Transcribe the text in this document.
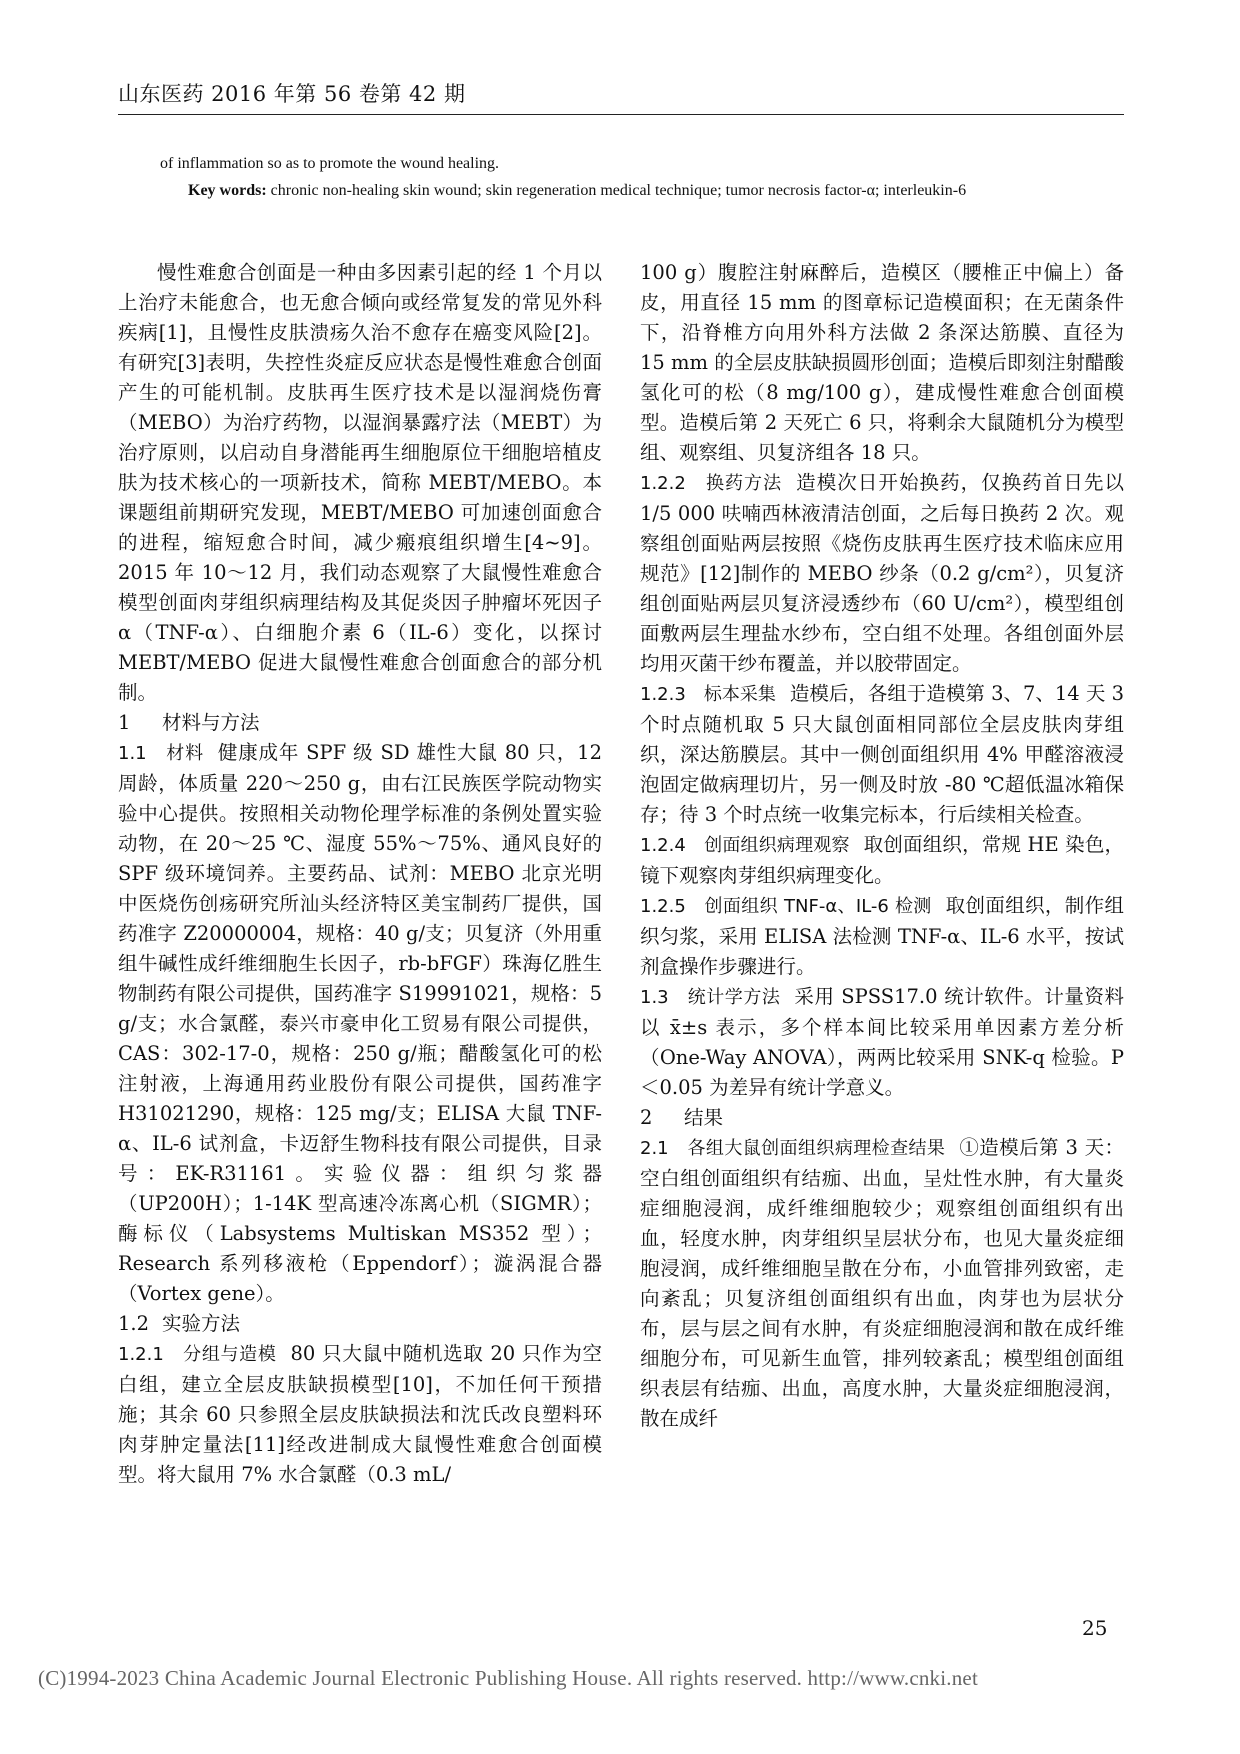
山东医药 2016 年第 56 卷第 42 期
of inflammation so as to promote the wound healing.
Key words: chronic non-healing skin wound; skin regeneration medical technique; tumor necrosis factor-α; interleukin-6

慢性难愈合创面是一种由多因素引起的经 1 个月以上治疗未能愈合，也无愈合倾向或经常复发的常见外科疾病[1]，且慢性皮肤溃疡久治不愈存在癌变风险[2]。有研究[3]表明，失控性炎症反应状态是慢性难愈合创面产生的可能机制。皮肤再生医疗技术是以湿润烧伤膏（MEBO）为治疗药物，以湿润暴露疗法（MEBT）为治疗原则，以启动自身潜能再生细胞原位干细胞培植皮肤为技术核心的一项新技术，简称 MEBT/MEBO。本课题组前期研究发现，MEBT/MEBO 可加速创面愈合的进程，缩短愈合时间，减少瘢痕组织增生[4~9]。2015 年 10～12 月，我们动态观察了大鼠慢性难愈合模型创面肉芽组织病理结构及其促炎因子肿瘤坏死因子 α（TNF-α）、白细胞介素 6（IL-6）变化，以探讨 MEBT/MEBO 促进大鼠慢性难愈合创面愈合的部分机制。

1 材料与方法

1.1　 材料 健康成年 SPF 级 SD 雄性大鼠 80 只，12 周龄，体质量 220～250 g，由右江民族医学院动物实验中心提供。按照相关动物伦理学标准的条例处置实验动物，在 20～25 ℃、湿度 55%～75%、通风良好的 SPF 级环境饲养。主要药品、试剂：MEBO 北京光明中医烧伤创疡研究所汕头经济特区美宝制药厂提供，国药准字 Z20000004，规格：40 g/支；贝复济（外用重组牛碱性成纤维细胞生长因子，rb-bFGF）珠海亿胜生物制药有限公司提供，国药准字 S19991021，规格：5 g/支；水合氯醛，泰兴市豪申化工贸易有限公司提供，CAS：302-17-0，规格：250 g/瓶；醋酸氢化可的松注射液，上海通用药业股份有限公司提供，国药准字 H31021290，规格：125 mg/支；ELISA 大鼠 TNF-α、IL-6 试剂盒，卡迈舒生物科技有限公司提供，目录号：EK-R31161。实验仪器：组织匀浆器（UP200H）；1-14K 型高速冷冻离心机（SIGMR）；酶标仪（Labsystems Multiskan MS352 型）；Research 系列移液枪（Eppendorf）；漩涡混合器（Vortex gene）。

1.2 实验方法

1.2.1　 分组与造模 80 只大鼠中随机选取 20 只作为空白组，建立全层皮肤缺损模型[10]，不加任何干预措施；其余 60 只参照全层皮肤缺损法和沈氏改良塑料环肉芽肿定量法[11]经改进制成大鼠慢性难愈合创面模型。将大鼠用 7% 水合氯醛（0.3 mL/

100 g）腹腔注射麻醉后，造模区（腰椎正中偏上）备皮，用直径 15 mm 的图章标记造模面积；在无菌条件下，沿脊椎方向用外科方法做 2 条深达筋膜、直径为 15 mm 的全层皮肤缺损圆形创面；造模后即刻注射醋酸氢化可的松（8 mg/100 g），建成慢性难愈合创面模型。造模后第 2 天死亡 6 只，将剩余大鼠随机分为模型组、观察组、贝复济组各 18 只。

1.2.2　 换药方法 造模次日开始换药，仅换药首日先以 1/5 000 呋喃西林液清洁创面，之后每日换药 2 次。观察组创面贴两层按照《烧伤皮肤再生医疗技术临床应用规范》[12]制作的 MEBO 纱条（0.2 g/cm²），贝复济组创面贴两层贝复济浸透纱布（60 U/cm²），模型组创面敷两层生理盐水纱布，空白组不处理。各组创面外层均用灭菌干纱布覆盖，并以胶带固定。

1.2.3　 标本采集 造模后，各组于造模第 3、7、14 天 3 个时点随机取 5 只大鼠创面相同部位全层皮肤肉芽组织，深达筋膜层。其中一侧创面组织用 4% 甲醛溶液浸泡固定做病理切片，另一侧及时放 -80 ℃超低温冰箱保存；待 3 个时点统一收集完标本，行后续相关检查。

1.2.4　 创面组织病理观察 取创面组织，常规 HE 染色，镜下观察肉芽组织病理变化。

1.2.5　 创面组织 TNF-α、IL-6 检测 取创面组织，制作组织匀浆，采用 ELISA 法检测 TNF-α、IL-6 水平，按试剂盒操作步骤进行。

1.3　 统计学方法 采用 SPSS17.0 统计软件。计量资料以 x̄±s 表示，多个样本间比较采用单因素方差分析（One-Way ANOVA），两两比较采用 SNK-q 检验。P＜0.05 为差异有统计学意义。

2 结果

2.1　 各组大鼠创面组织病理检查结果 ①造模后第 3 天：空白组创面组织有结痂、出血，呈灶性水肿，有大量炎症细胞浸润，成纤维细胞较少；观察组创面组织有出血，轻度水肿，肉芽组织呈层状分布，也见大量炎症细胞浸润，成纤维细胞呈散在分布，小血管排列致密，走向紊乱；贝复济组创面组织有出血，肉芽也为层状分布，层与层之间有水肿，有炎症细胞浸润和散在成纤维细胞分布，可见新生血管，排列较紊乱；模型组创面组织表层有结痂、出血，高度水肿，大量炎症细胞浸润，散在成纤

25
(C)1994-2023 China Academic Journal Electronic Publishing House. All rights reserved. http://www.cnki.net
